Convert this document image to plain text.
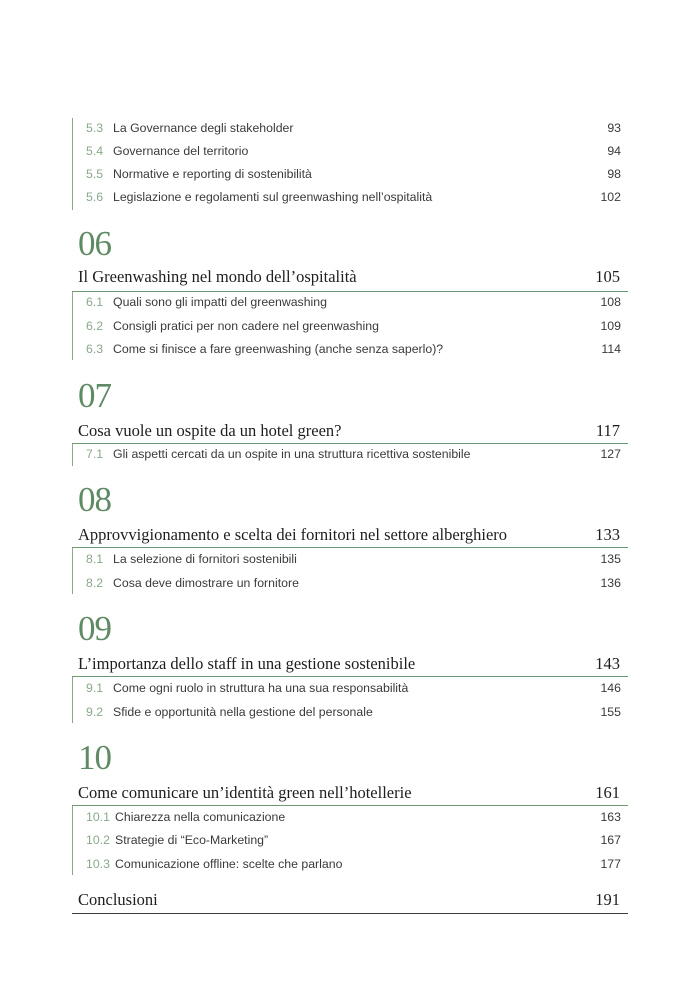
5.3 La Governance degli stakeholder	93
5.4 Governance del territorio	94
5.5 Normative e reporting di sostenibilità	98
5.6 Legislazione e regolamenti sul greenwashing nell’ospitalità	102
06
Il Greenwashing nel mondo dell’ospitalità	105
6.1 Quali sono gli impatti del greenwashing	108
6.2 Consigli pratici per non cadere nel greenwashing	109
6.3 Come si finisce a fare greenwashing (anche senza saperlo)?	114
07
Cosa vuole un ospite da un hotel green?	117
7.1 Gli aspetti cercati da un ospite in una struttura ricettiva sostenibile	127
08
Approvvigionamento e scelta dei fornitori nel settore alberghiero	133
8.1 La selezione di fornitori sostenibili	135
8.2 Cosa deve dimostrare un fornitore	136
09
L’importanza dello staff in una gestione sostenibile	143
9.1 Come ogni ruolo in struttura ha una sua responsabilità	146
9.2 Sfide e opportunità nella gestione del personale	155
10
Come comunicare un’identità green nell’hotellerie	161
10.1 Chiarezza nella comunicazione	163
10.2 Strategie di “Eco-Marketing”	167
10.3 Comunicazione offline: scelte che parlano	177
Conclusioni	191
